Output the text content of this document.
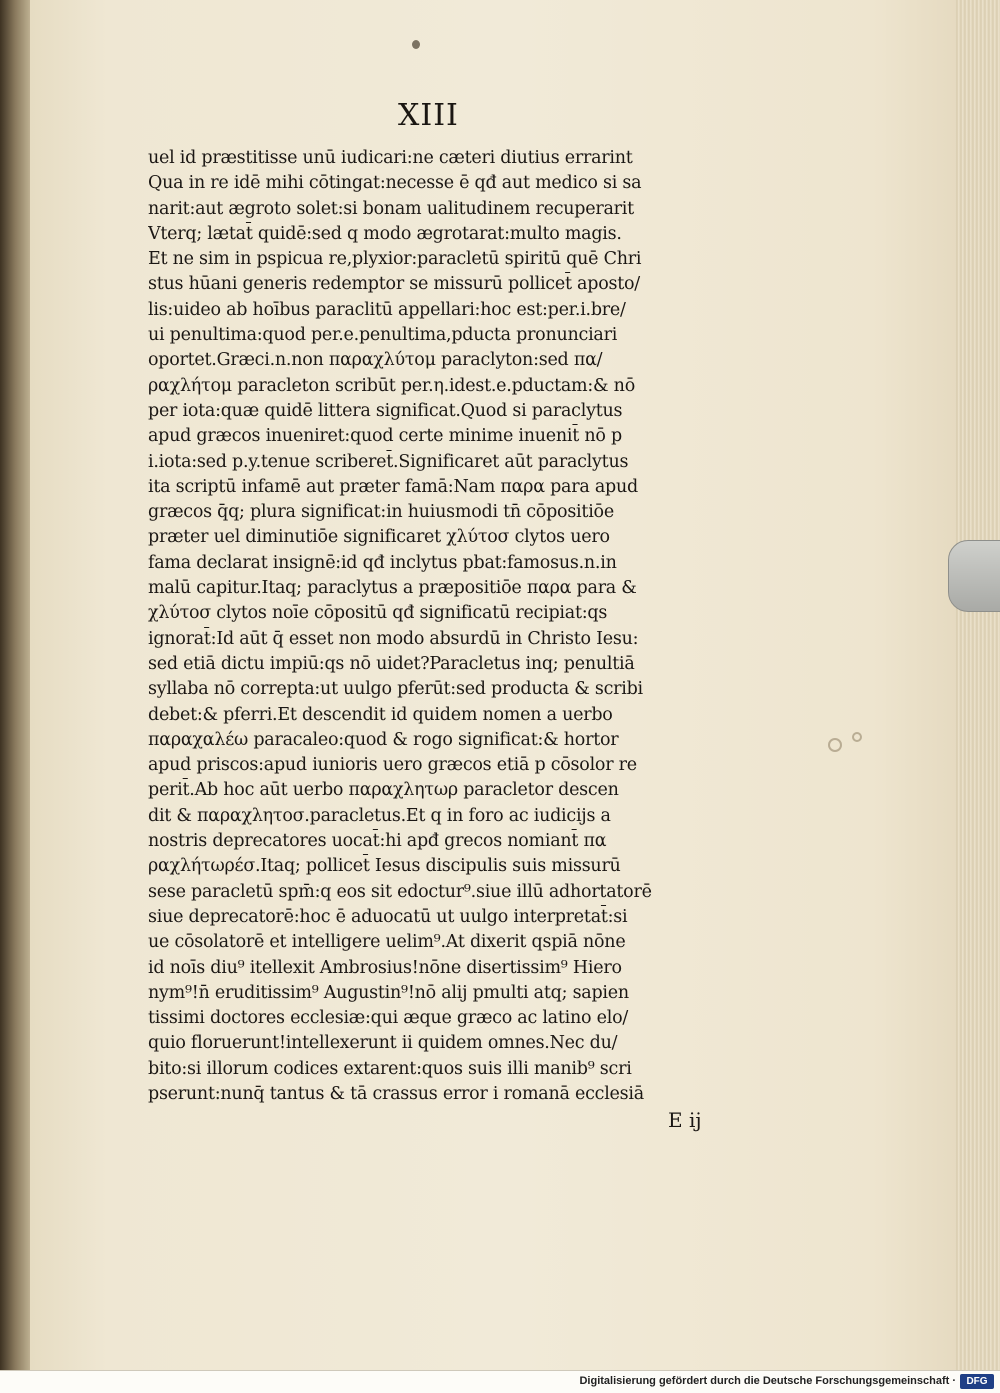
XIII
uel id præstitisse unū iudicari:ne cæteri diutius errarint
Qua in re idē mihi cōtingat:necesse ē qđ aut medico si sa
narit:aut ægroto solet:si bonam ualitudinem recuperarit
Vterq; lætat̄ quidē:sed q modo ægrotarat:multo magis.
Et ne sim in pspicua re,plyxior:paracletū spiritū quē Chri
stus hūani generis redemptor se missurū pollicet̄ aposto/
lis:uideo ab hoībus paraclitū appellari:hoc est:per.i.bre/
ui penultima:quod per.e.penultima,pducta pronunciari
oportet.Græci.n.non παραχλύτομ paraclyton:sed πα/
ραχλήτομ paracleton scribūt per.η.idest.e.pductam:& nō
per iota:quæ quidē littera significat.Quod si paraclytus
apud græcos inueniret:quod certe minime inuenit̄ nō p
i.iota:sed p.y.tenue scriberet̄.Significaret aūt paraclytus
ita scriptū infamē aut præter famā:Nam παρα para apud
græcos q̄q; plura significat:in huiusmodi tn̄ cōpositiōe
præter uel diminutiōe significaret χλύτοσ clytos uero
fama declarat insignē:id qđ inclytus pbat:famosus.n.in
malū capitur.Itaq; paraclytus a præpositiōe παρα para &
χλύτοσ clytos noīe cōpositū qđ significatū recipiat:qs
ignorat̄:Id aūt q̄ esset non modo absurdū in Christo Iesu:
sed etiā dictu impiū:qs nō uidet?Paracletus inq; penultiā
syllaba nō correpta:ut uulgo pferūt:sed producta & scribi
debet:& pferri.Et descendit id quidem nomen a uerbo
παραχαλέω paracaleo:quod & rogo significat:& hortor
apud priscos:apud iunioris uero græcos etiā p cōsolor re
perit̄.Ab hoc aūt uerbo παραχλητωρ paracletor descen
dit & παραχλητοσ.paracletus.Et q in foro ac iudicijs a
nostris deprecatores uocat̄:hi apđ grecos nomiant̄ πα
ραχλήτωρέσ.Itaq; pollicet̄ Iesus discipulis suis missurū
sese paracletū spm̄:q eos sit edoctur⁹.siue illū adhortatorē
siue deprecatorē:hoc ē aduocatū ut uulgo interpretat̄:si
ue cōsolatorē et intelligere uelim⁹.At dixerit qspiā nōne
id noīs diu⁹ itellexit Ambrosius!nōne disertissim⁹ Hiero
nym⁹!n̄ eruditissim⁹ Augustin⁹!nō alij pmulti atq; sapien
tissimi doctores ecclesiæ:qui æque græco ac latino elo/
quio floruerunt!intellexerunt ii quidem omnes.Nec du/
bito:si illorum codices extarent:quos suis illi manib⁹ scri
pserunt:nunq̄ tantus & tā crassus error i romanā ecclesiā
E ij
Digitalisierung gefördert durch die Deutsche Forschungsgemeinschaft ·	DFG
